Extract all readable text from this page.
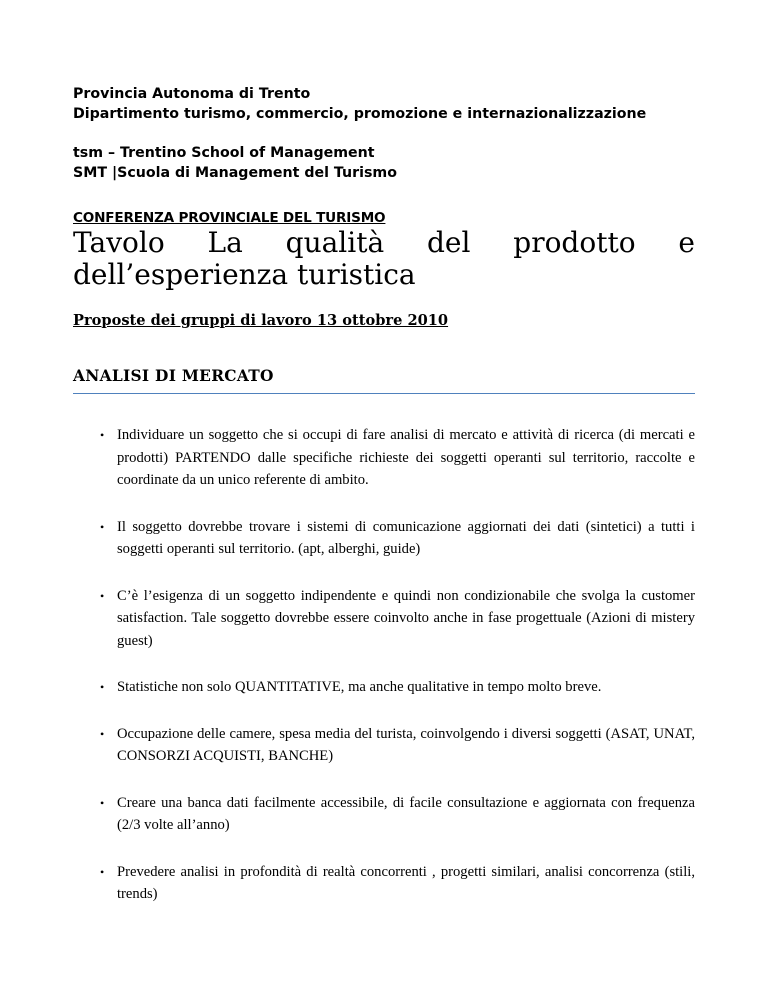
Provincia Autonoma di Trento

Dipartimento turismo, commercio, promozione e internazionalizzazione

tsm – Trentino School of Management

SMT |Scuola di Management del Turismo

CONFERENZA PROVINCIALE DEL TURISMO

Tavolo La qualità del prodotto e
dell’esperienza turistica

Proposte dei gruppi di lavoro 13 ottobre 2010

ANALISI DI MERCATO
• Individuare un soggetto che si occupi di fare analisi di mercato e attività di ricerca (di mercati e prodotti) PARTENDO dalle specifiche richieste dei soggetti operanti sul territorio, raccolte e coordinate da un unico referente di ambito.
• Il soggetto dovrebbe trovare i sistemi di comunicazione aggiornati dei dati (sintetici) a tutti i soggetti operanti sul territorio. (apt, alberghi, guide)
• C’è l’esigenza di un soggetto indipendente e quindi non condizionabile che svolga la customer satisfaction. Tale soggetto dovrebbe essere coinvolto anche in fase progettuale (Azioni di mistery guest)
• Statistiche non solo QUANTITATIVE, ma anche qualitative in tempo molto breve.
• Occupazione delle camere, spesa media del turista, coinvolgendo i diversi soggetti (ASAT, UNAT, CONSORZI ACQUISTI, BANCHE)
• Creare una banca dati facilmente accessibile, di facile consultazione e aggiornata con frequenza (2/3 volte all’anno)
• Prevedere analisi in profondità di realtà concorrenti , progetti similari, analisi concorrenza (stili, trends)
